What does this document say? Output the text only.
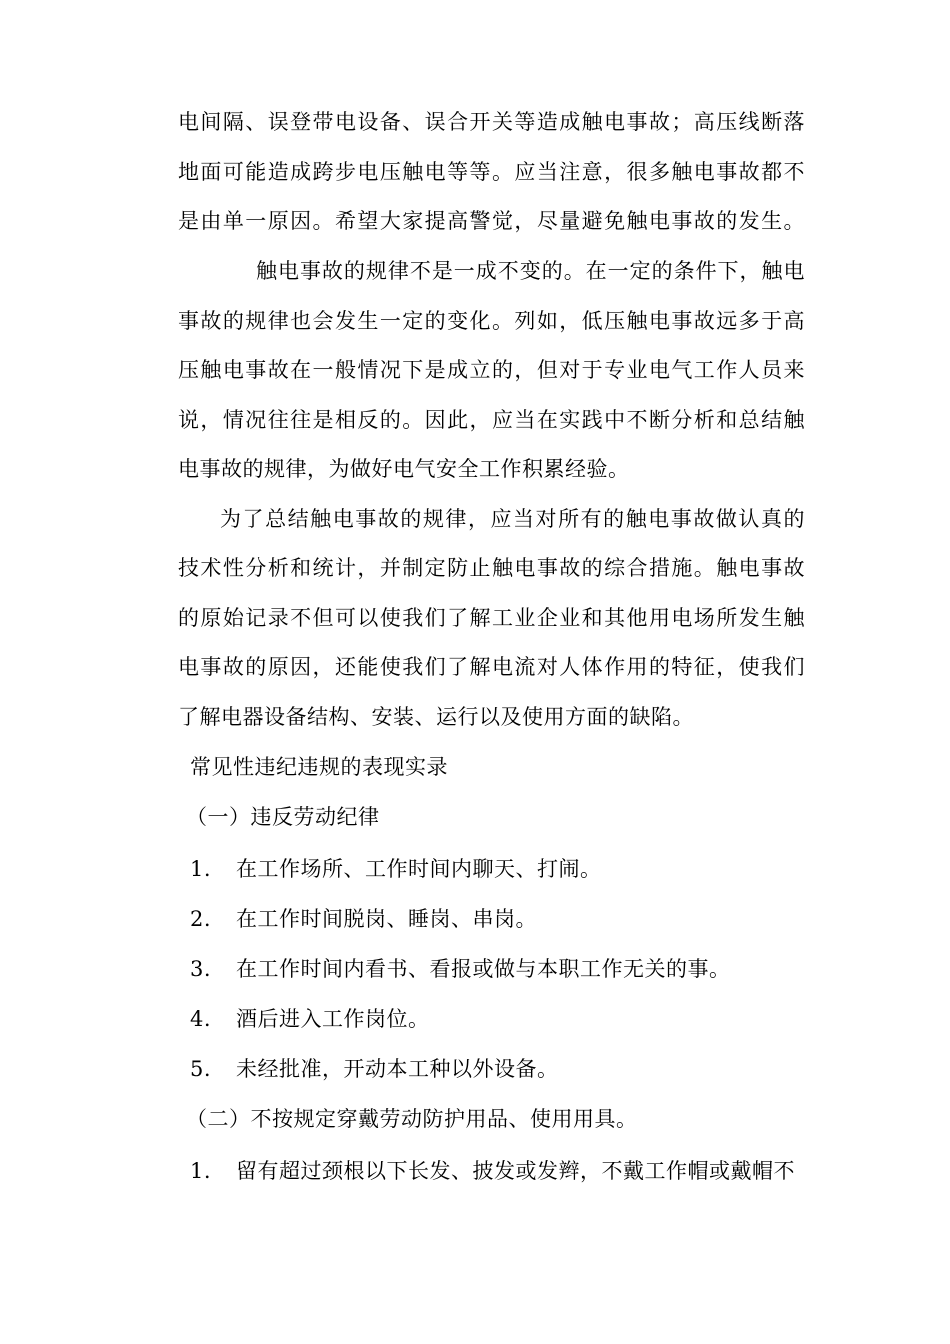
电间隔、误登带电设备、误合开关等造成触电事故；高压线断落
地面可能造成跨步电压触电等等。应当注意，很多触电事故都不
是由单一原因。希望大家提高警觉，尽量避免触电事故的发生。
触电事故的规律不是一成不变的。在一定的条件下，触电
事故的规律也会发生一定的变化。列如，低压触电事故远多于高
压触电事故在一般情况下是成立的，但对于专业电气工作人员来
说，情况往往是相反的。因此，应当在实践中不断分析和总结触
电事故的规律，为做好电气安全工作积累经验。
为了总结触电事故的规律，应当对所有的触电事故做认真的
技术性分析和统计，并制定防止触电事故的综合措施。触电事故
的原始记录不但可以使我们了解工业企业和其他用电场所发生触
电事故的原因，还能使我们了解电流对人体作用的特征，使我们
了解电器设备结构、安装、运行以及使用方面的缺陷。
常见性违纪违规的表现实录
（一）违反劳动纪律
1. 在工作场所、工作时间内聊天、打闹。
2. 在工作时间脱岗、睡岗、串岗。
3. 在工作时间内看书、看报或做与本职工作无关的事。
4. 酒后进入工作岗位。
5. 未经批准，开动本工种以外设备。
（二）不按规定穿戴劳动防护用品、使用用具。
1. 留有超过颈根以下长发、披发或发辫，不戴工作帽或戴帽不
